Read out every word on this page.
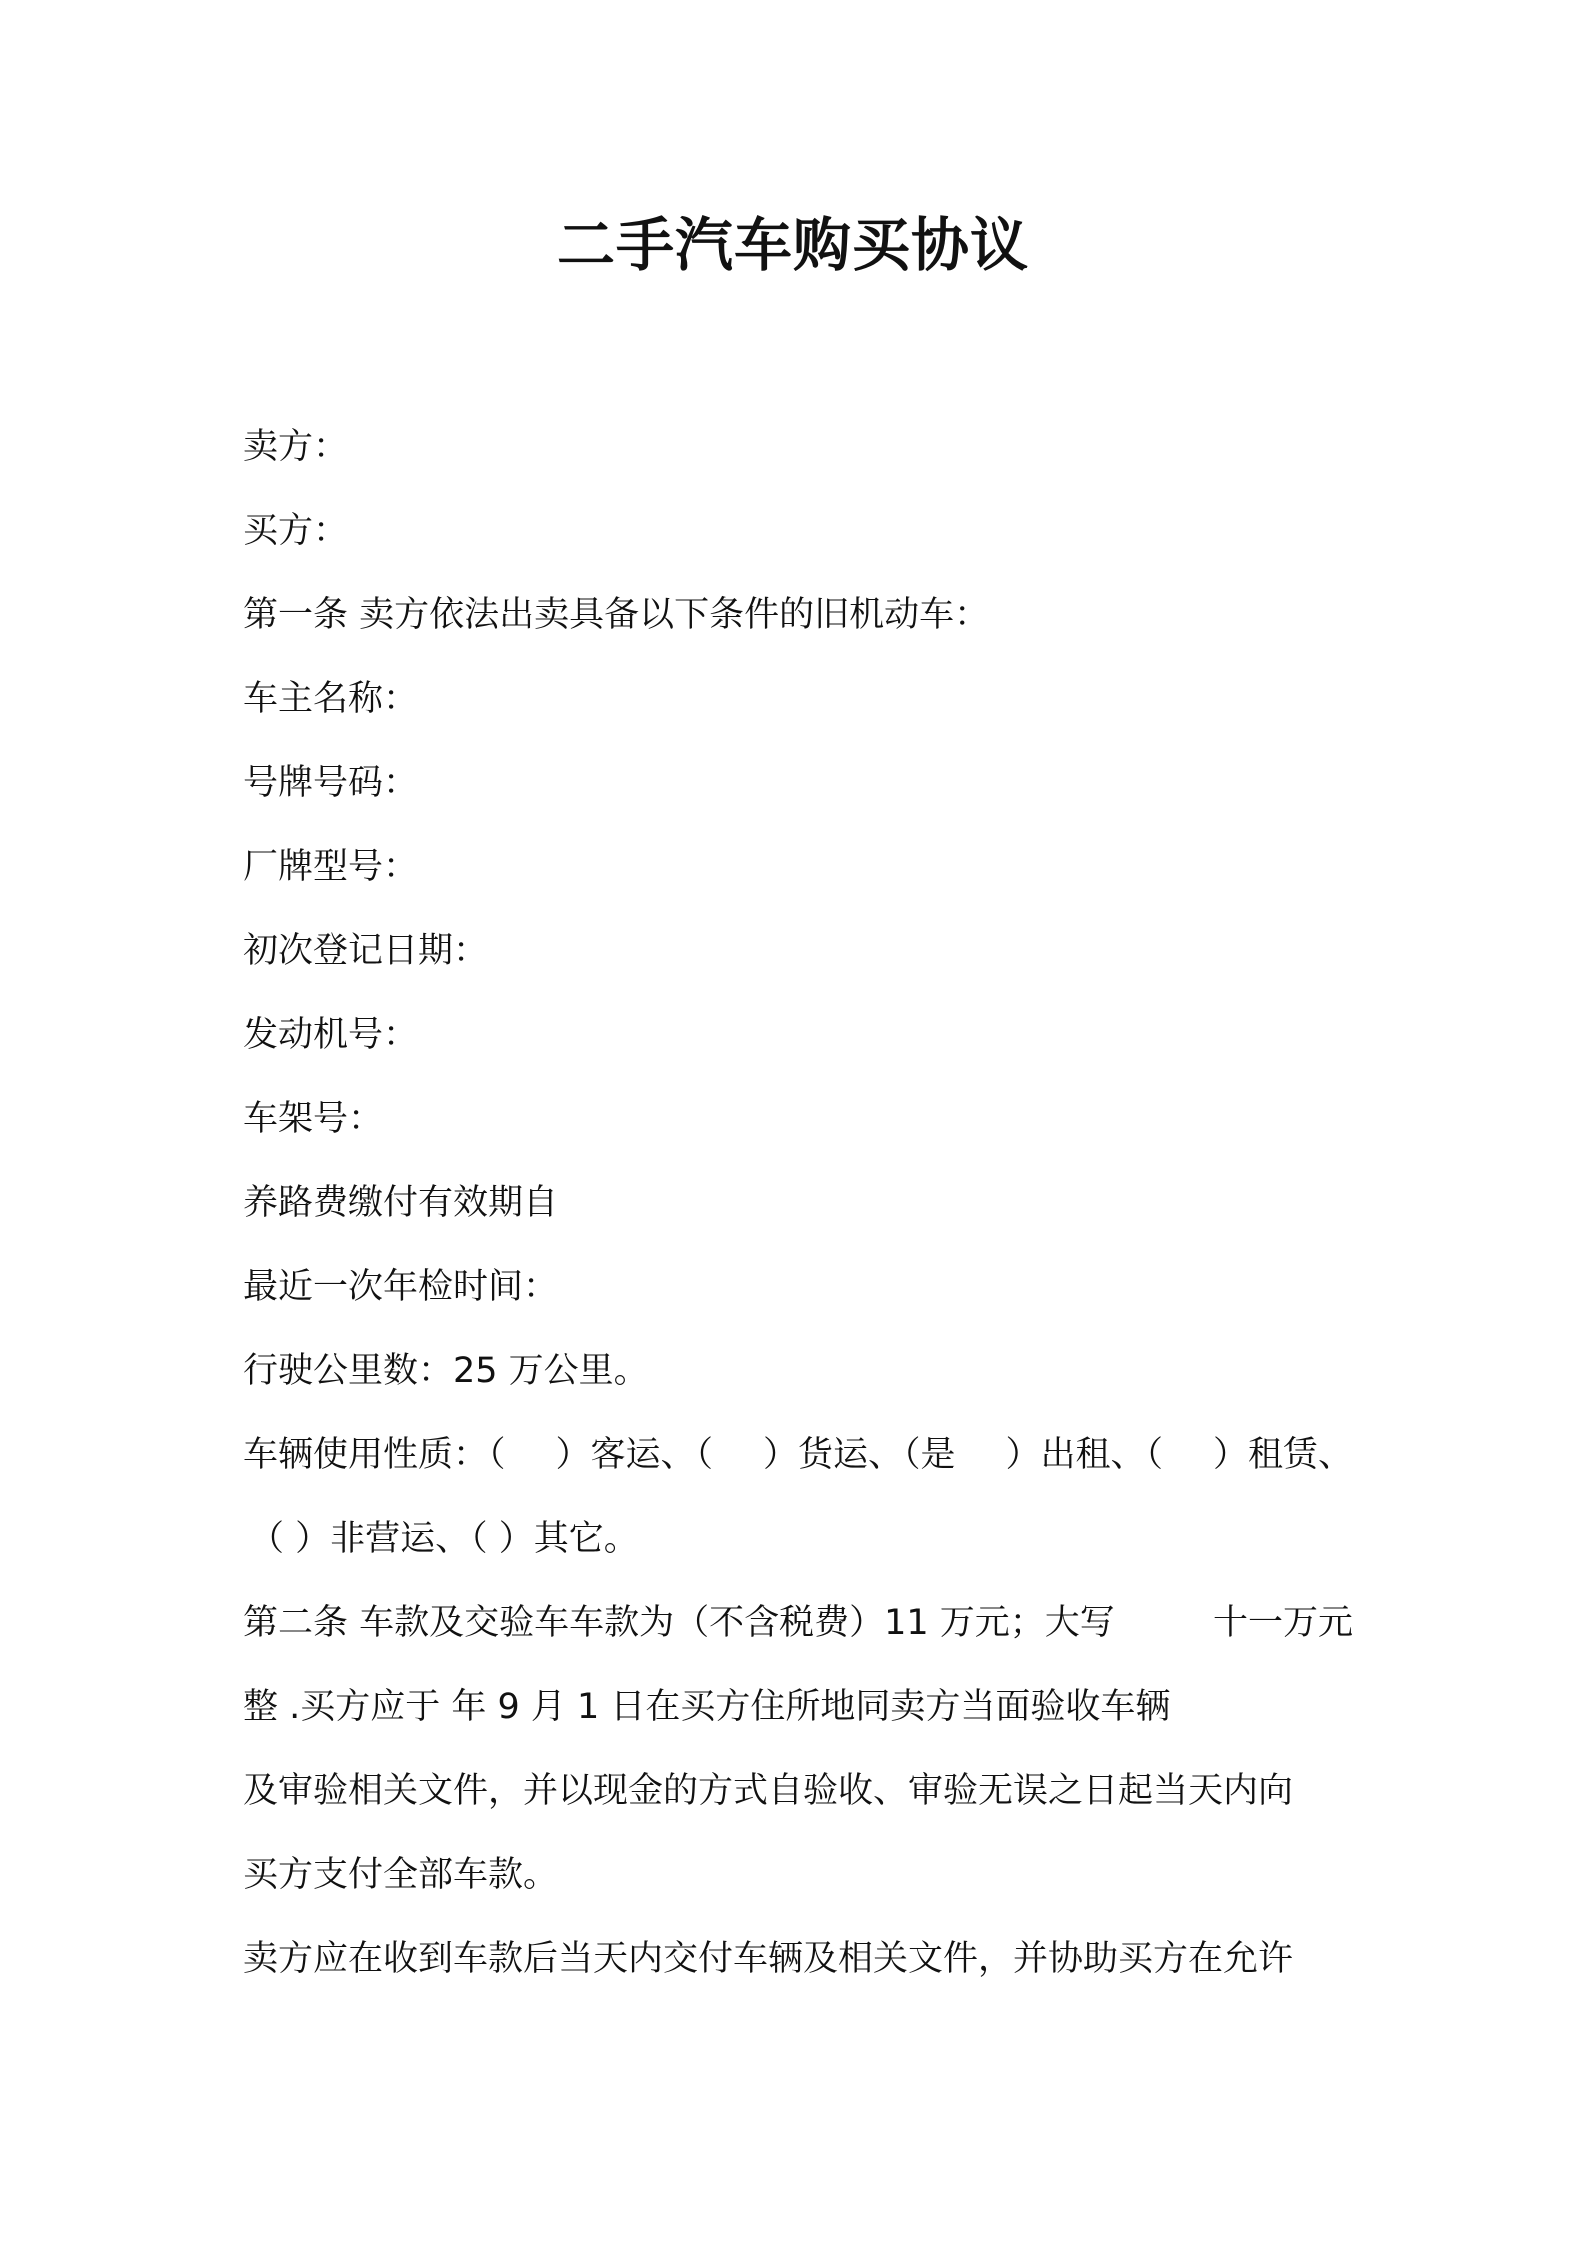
二手汽车购买协议
卖方：
买方：
第一条 卖方依法出卖具备以下条件的旧机动车：
车主名称：
号牌号码：
厂牌型号：
初次登记日期：
发动机号：
车架号：
养路费缴付有效期自
最近一次年检时间：
行驶公里数：25 万公里。
车辆使用性质：（ ）客运、（ ）货运、（是 ）出租、（ ）租赁、
（ ）非营运、（ ）其它。
第二条 车款及交验车车款为（不含税费）11 万元；大写	十一万元
整 .买方应于 年 9 月 1 日在买方住所地同卖方当面验收车辆
及审验相关文件，并以现金的方式自验收、审验无误之日起当天内向
买方支付全部车款。
卖方应在收到车款后当天内交付车辆及相关文件，并协助买方在允许
